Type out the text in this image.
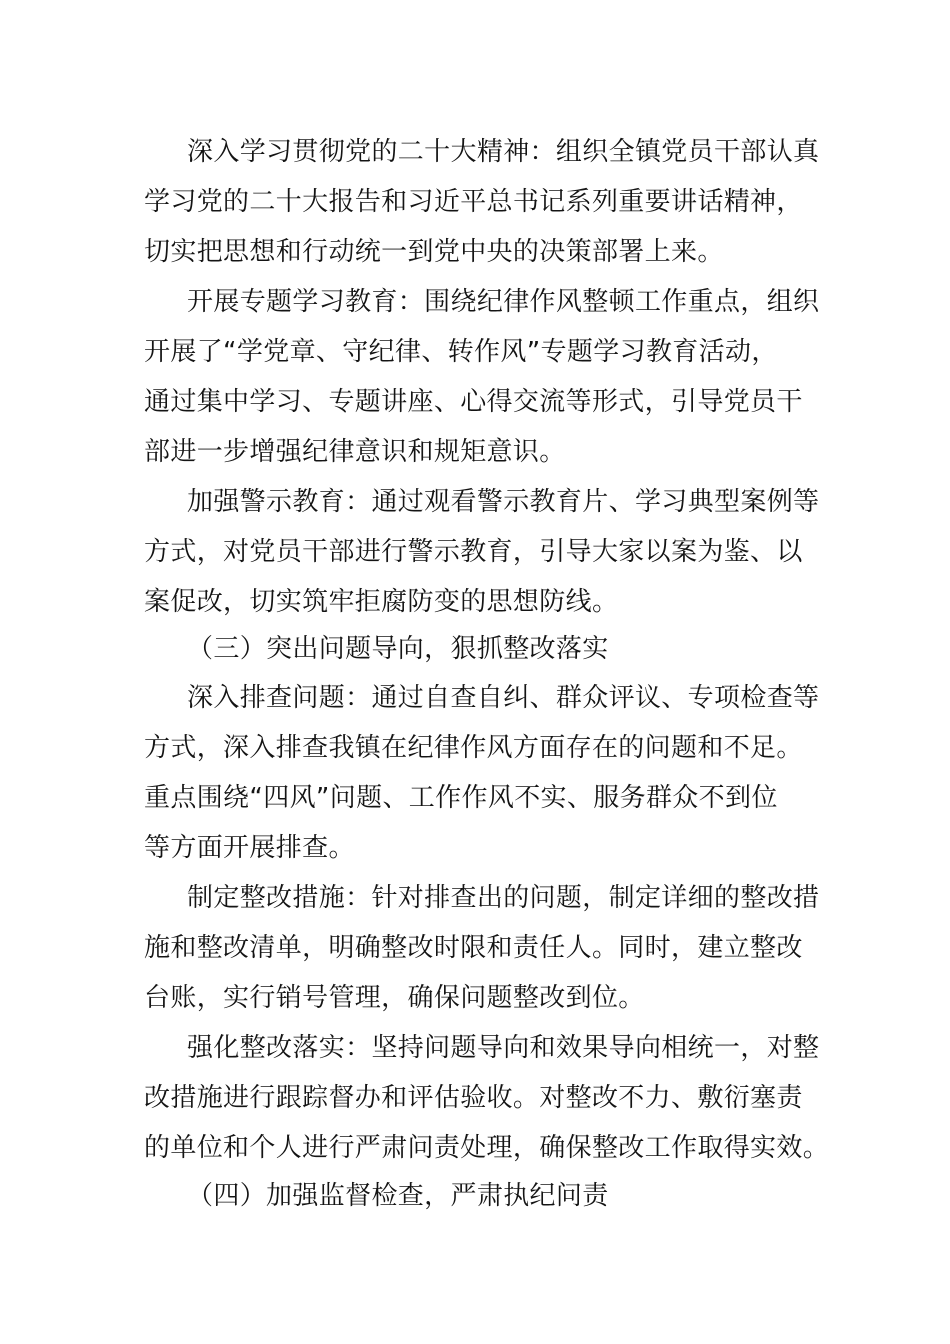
深入学习贯彻党的二十大精神：组织全镇党员干部认真
学习党的二十大报告和习近平总书记系列重要讲话精神，
切实把思想和行动统一到党中央的决策部署上来。
开展专题学习教育：围绕纪律作风整顿工作重点，组织
开展了“学党章、守纪律、转作风”专题学习教育活动，
通过集中学习、专题讲座、心得交流等形式，引导党员干
部进一步增强纪律意识和规矩意识。
加强警示教育：通过观看警示教育片、学习典型案例等
方式，对党员干部进行警示教育，引导大家以案为鉴、以
案促改，切实筑牢拒腐防变的思想防线。
（三）突出问题导向，狠抓整改落实
深入排查问题：通过自查自纠、群众评议、专项检查等
方式，深入排查我镇在纪律作风方面存在的问题和不足。
重点围绕“四风”问题、工作作风不实、服务群众不到位
等方面开展排查。
制定整改措施：针对排查出的问题，制定详细的整改措
施和整改清单，明确整改时限和责任人。同时，建立整改
台账，实行销号管理，确保问题整改到位。
强化整改落实：坚持问题导向和效果导向相统一，对整
改措施进行跟踪督办和评估验收。对整改不力、敷衍塞责
的单位和个人进行严肃问责处理，确保整改工作取得实效。
（四）加强监督检查，严肃执纪问责
